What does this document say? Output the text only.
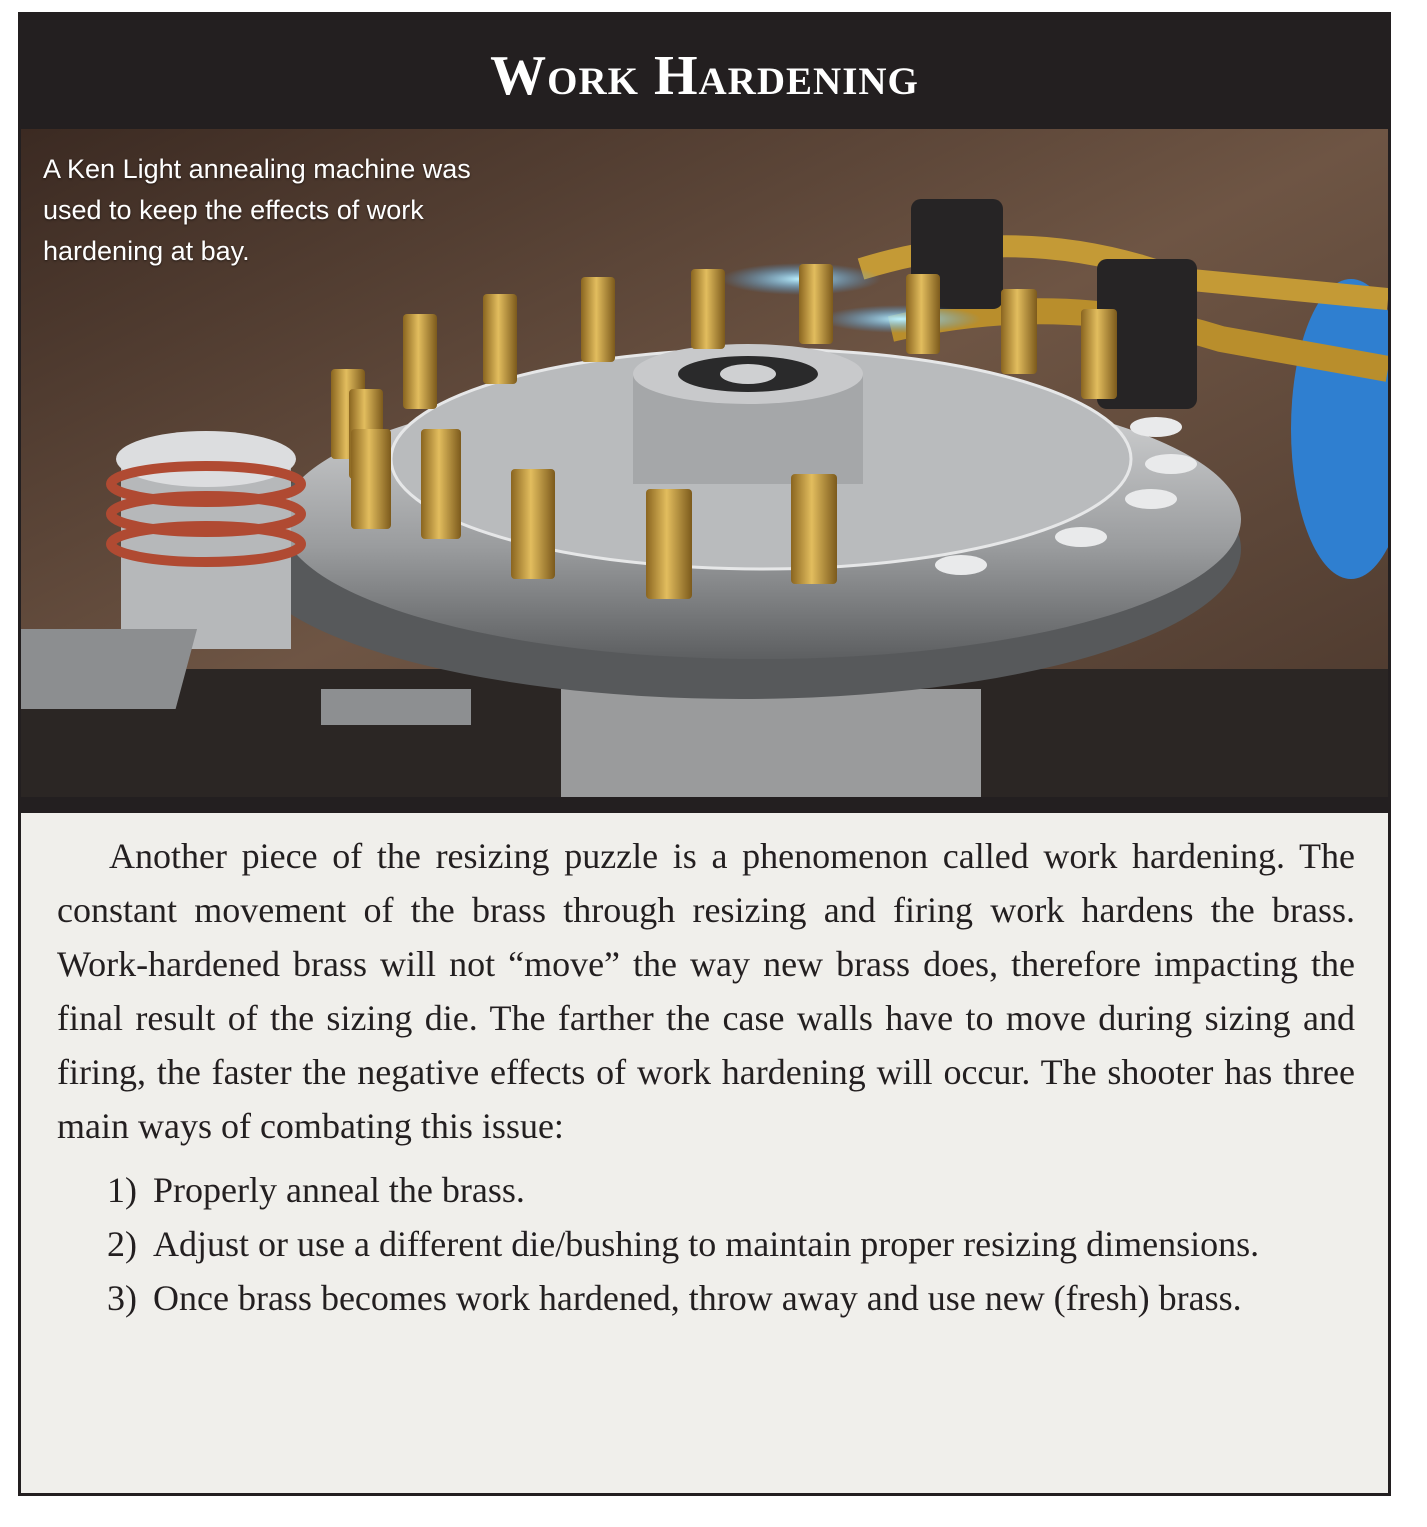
Work Hardening
A Ken Light annealing machine was used to keep the effects of work hardening at bay.

Another piece of the resizing puzzle is a phenomenon called work hardening. The constant movement of the brass through resizing and firing work hardens the brass. Work-hardened brass will not “move” the way new brass does, therefore impacting the final result of the sizing die. The farther the case walls have to move during sizing and firing, the faster the negative effects of work hardening will occur. The shooter has three main ways of combating this issue:

1) Properly anneal the brass.
2) Adjust or use a different die/bushing to maintain proper resizing dimensions.
3) Once brass becomes work hardened, throw away and use new (fresh) brass.
